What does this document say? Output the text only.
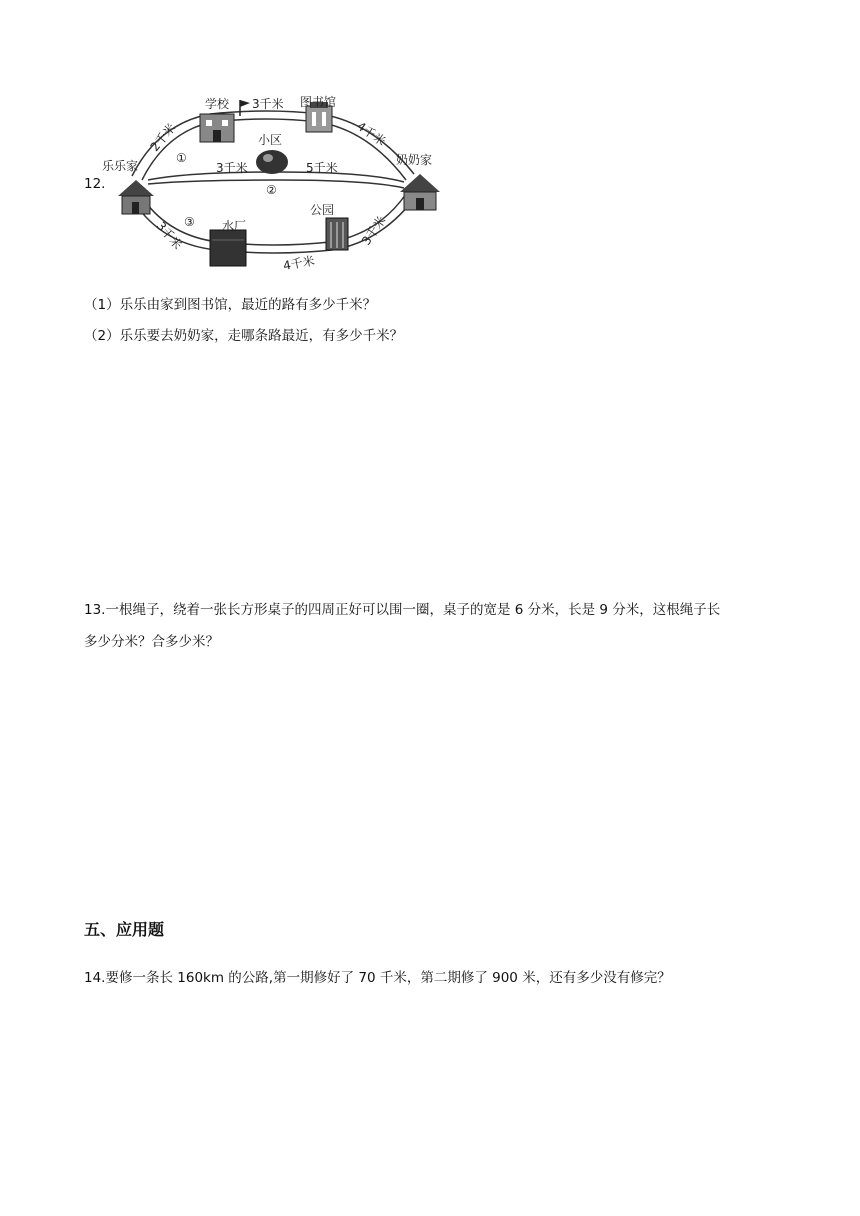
12.
乐乐家
学校	图书馆
小区
奶奶家
水厂
公园
2千米
3千米
4千米
3千米	5千米
3千米
4千米
3千米
①
②
③
（1）乐乐由家到图书馆，最近的路有多少千米？
（2）乐乐要去奶奶家，走哪条路最近，有多少千米？
13.一根绳子，绕着一张长方形桌子的四周正好可以围一圈，桌子的宽是 6 分米，长是 9 分米，这根绳子长
多少分米？合多少米？
五、应用题
14.要修一条长 160km 的公路,第一期修好了 70 千米，第二期修了 900 米，还有多少没有修完？
